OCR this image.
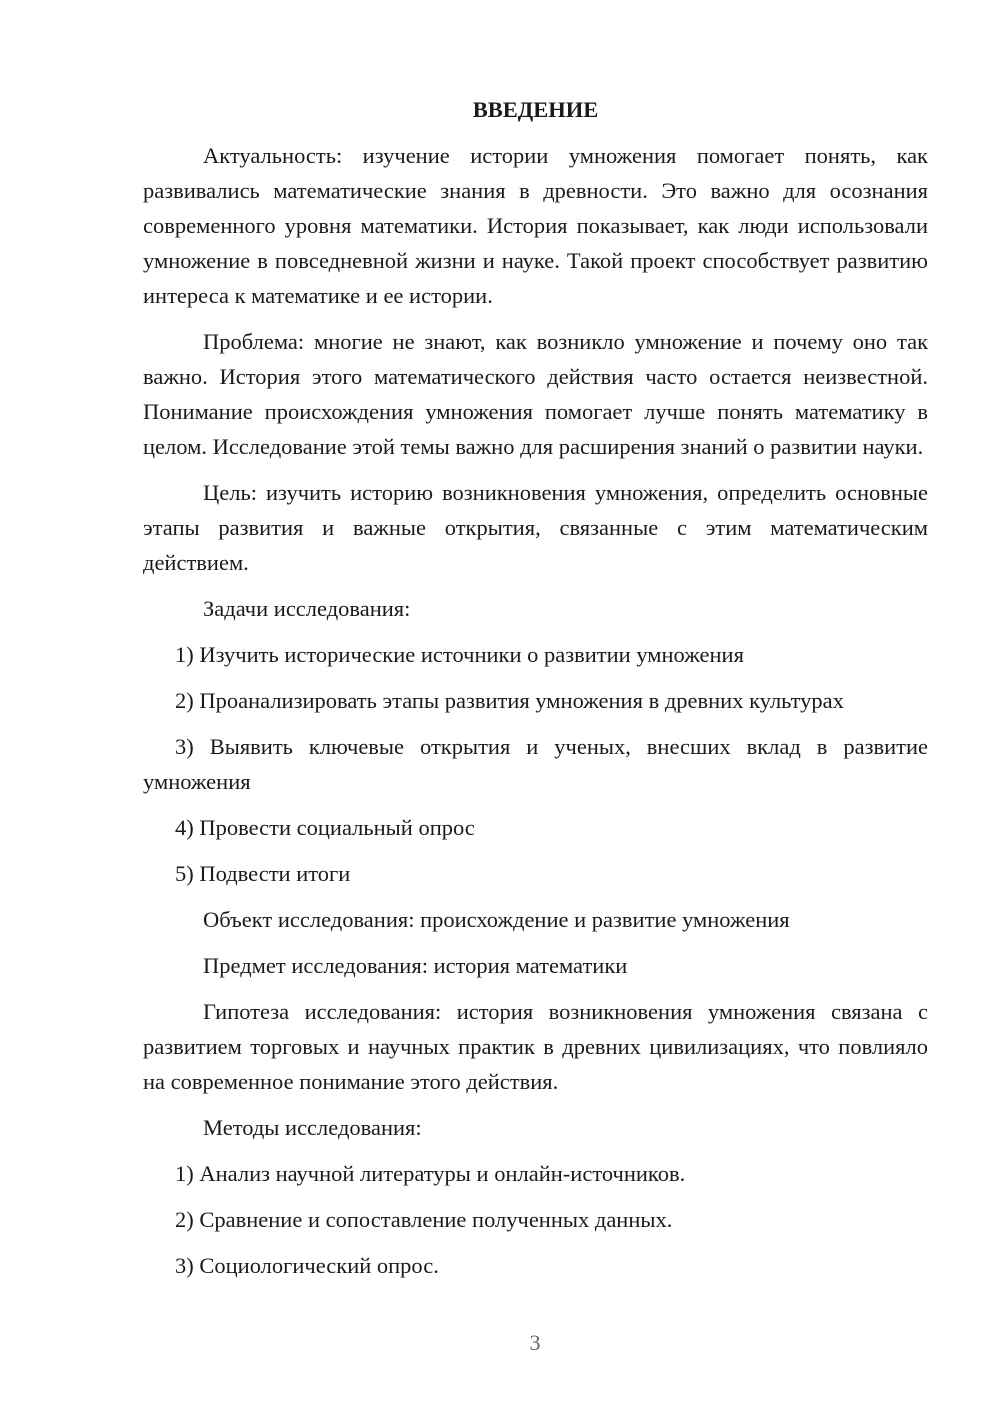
ВВЕДЕНИЕ

Актуальность: изучение истории умножения помогает понять, как развивались математические знания в древности. Это важно для осознания современного уровня математики. История показывает, как люди использовали умножение в повседневной жизни и науке. Такой проект способствует развитию интереса к математике и ее истории.

Проблема: многие не знают, как возникло умножение и почему оно так важно. История этого математического действия часто остается неизвестной. Понимание происхождения умножения помогает лучше понять математику в целом. Исследование этой темы важно для расширения знаний о развитии науки.

Цель: изучить историю возникновения умножения, определить основные этапы развития и важные открытия, связанные с этим математическим действием.

Задачи исследования:
1) Изучить исторические источники о развитии умножения
2) Проанализировать этапы развития умножения в древних культурах
3) Выявить ключевые открытия и ученых, внесших вклад в развитие умножения
4) Провести социальный опрос
5) Подвести итоги
Объект исследования: происхождение и развитие умножения
Предмет исследования: история математики

Гипотеза исследования: история возникновения умножения связана с развитием торговых и научных практик в древних цивилизациях, что повлияло на современное понимание этого действия.

Методы исследования:
1) Анализ научной литературы и онлайн-источников.
2) Сравнение и сопоставление полученных данных.
3) Социологический опрос.
3
